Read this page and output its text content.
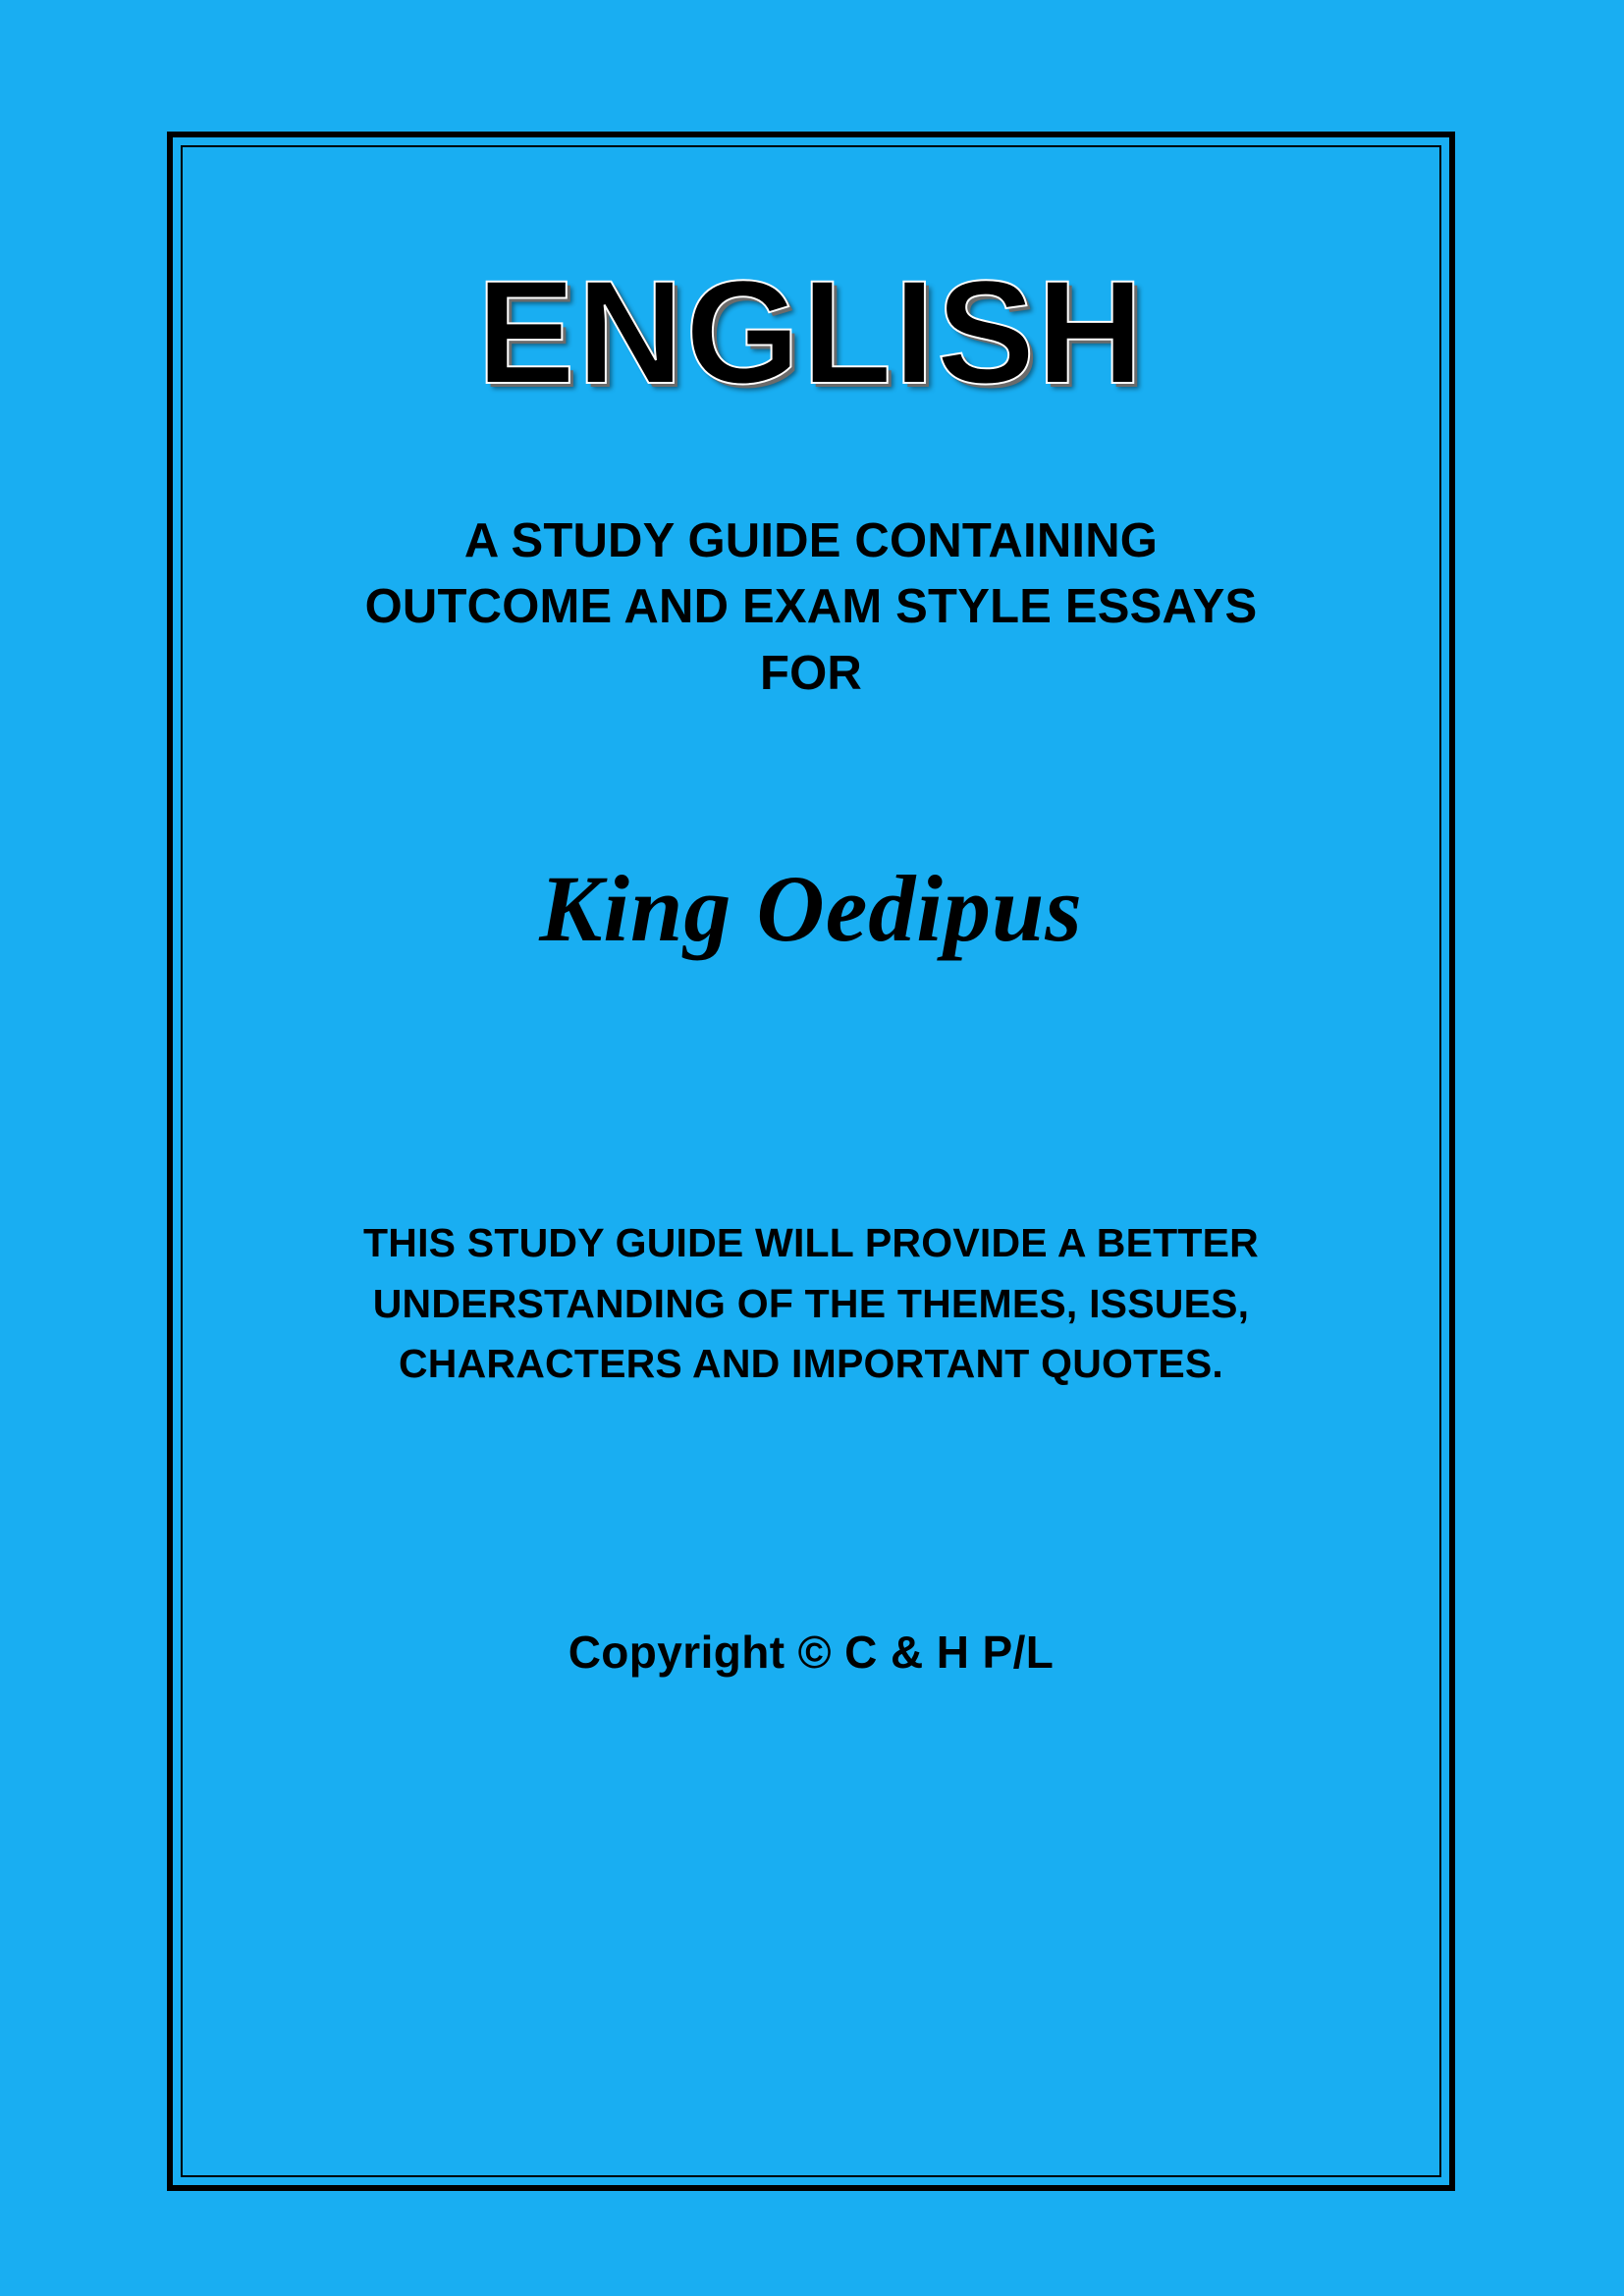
ENGLISH
A STUDY GUIDE CONTAINING
OUTCOME AND EXAM STYLE ESSAYS
FOR
King Oedipus
THIS STUDY GUIDE WILL PROVIDE A BETTER
UNDERSTANDING OF THE THEMES, ISSUES,
CHARACTERS AND IMPORTANT QUOTES.
Copyright © C & H P/L
